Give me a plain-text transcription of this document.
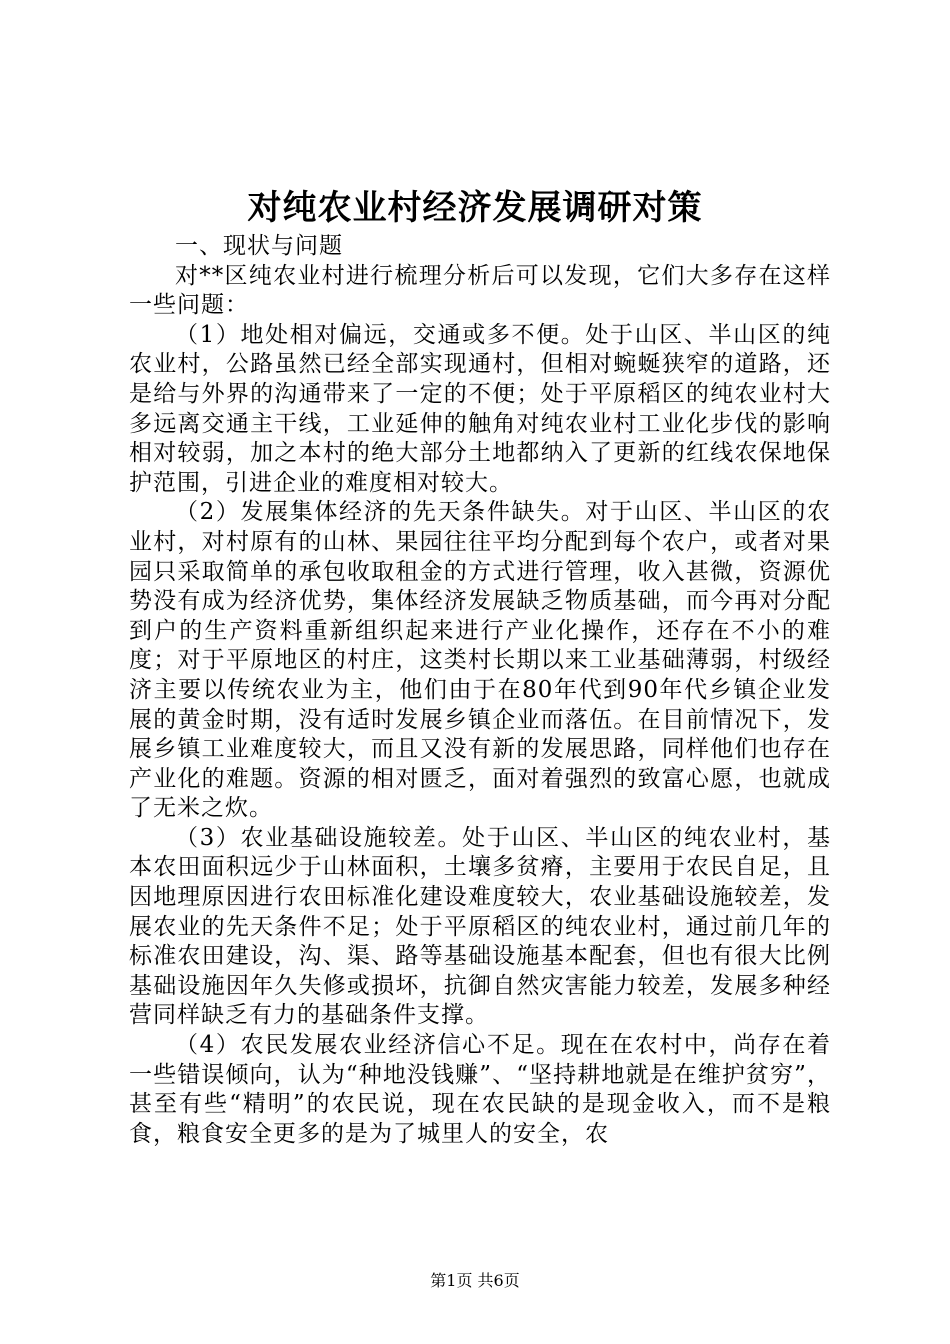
对纯农业村经济发展调研对策

一、现状与问题

对**区纯农业村进行梳理分析后可以发现，它们大多存在这样一些问题：

（1）地处相对偏远，交通或多不便。处于山区、半山区的纯农业村，公路虽然已经全部实现通村，但相对蜿蜒狭窄的道路，还是给与外界的沟通带来了一定的不便；处于平原稻区的纯农业村大多远离交通主干线，工业延伸的触角对纯农业村工业化步伐的影响相对较弱，加之本村的绝大部分土地都纳入了更新的红线农保地保护范围，引进企业的难度相对较大。

（2）发展集体经济的先天条件缺失。对于山区、半山区的农业村，对村原有的山林、果园往往平均分配到每个农户，或者对果园只采取简单的承包收取租金的方式进行管理，收入甚微，资源优势没有成为经济优势，集体经济发展缺乏物质基础，而今再对分配到户的生产资料重新组织起来进行产业化操作，还存在不小的难度；对于平原地区的村庄，这类村长期以来工业基础薄弱，村级经济主要以传统农业为主，他们由于在80年代到90年代乡镇企业发展的黄金时期，没有适时发展乡镇企业而落伍。在目前情况下，发展乡镇工业难度较大，而且又没有新的发展思路，同样他们也存在产业化的难题。资源的相对匮乏，面对着强烈的致富心愿，也就成了无米之炊。

（3）农业基础设施较差。处于山区、半山区的纯农业村，基本农田面积远少于山林面积，土壤多贫瘠，主要用于农民自足，且因地理原因进行农田标准化建设难度较大，农业基础设施较差，发展农业的先天条件不足；处于平原稻区的纯农业村，通过前几年的标准农田建设，沟、渠、路等基础设施基本配套，但也有很大比例基础设施因年久失修或损坏，抗御自然灾害能力较差，发展多种经营同样缺乏有力的基础条件支撑。

（4）农民发展农业经济信心不足。现在在农村中，尚存在着一些错误倾向，认为“种地没钱赚”、“坚持耕地就是在维护贫穷”，甚至有些“精明”的农民说，现在农民缺的是现金收入，而不是粮食，粮食安全更多的是为了城里人的安全，农

第1页 共6页
